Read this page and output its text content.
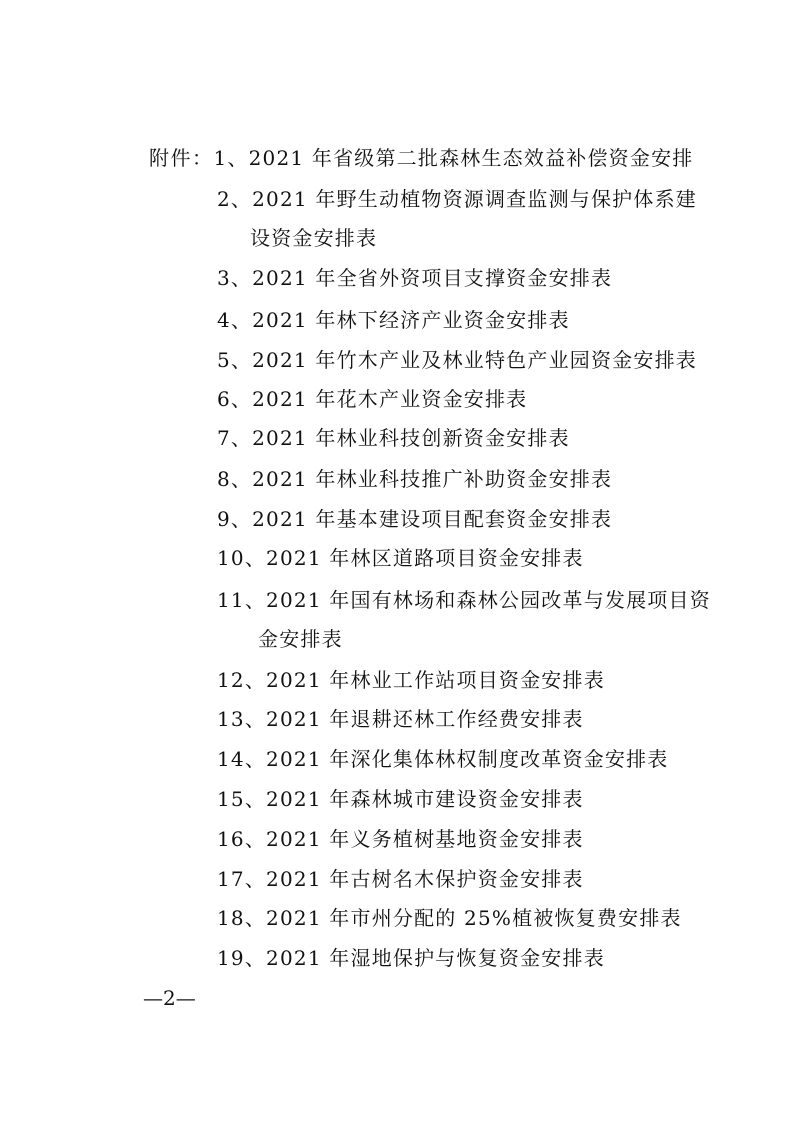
附件：1、2021 年省级第二批森林生态效益补偿资金安排
2、2021 年野生动植物资源调查监测与保护体系建
设资金安排表
3、2021 年全省外资项目支撑资金安排表
4、2021 年林下经济产业资金安排表
5、2021 年竹木产业及林业特色产业园资金安排表
6、2021 年花木产业资金安排表
7、2021 年林业科技创新资金安排表
8、2021 年林业科技推广补助资金安排表
9、2021 年基本建设项目配套资金安排表
10、2021 年林区道路项目资金安排表
11、2021 年国有林场和森林公园改革与发展项目资
金安排表
12、2021 年林业工作站项目资金安排表
13、2021 年退耕还林工作经费安排表
14、2021 年深化集体林权制度改革资金安排表
15、2021 年森林城市建设资金安排表
16、2021 年义务植树基地资金安排表
17、2021 年古树名木保护资金安排表
18、2021 年市州分配的 25%植被恢复费安排表
19、2021 年湿地保护与恢复资金安排表
—2—
